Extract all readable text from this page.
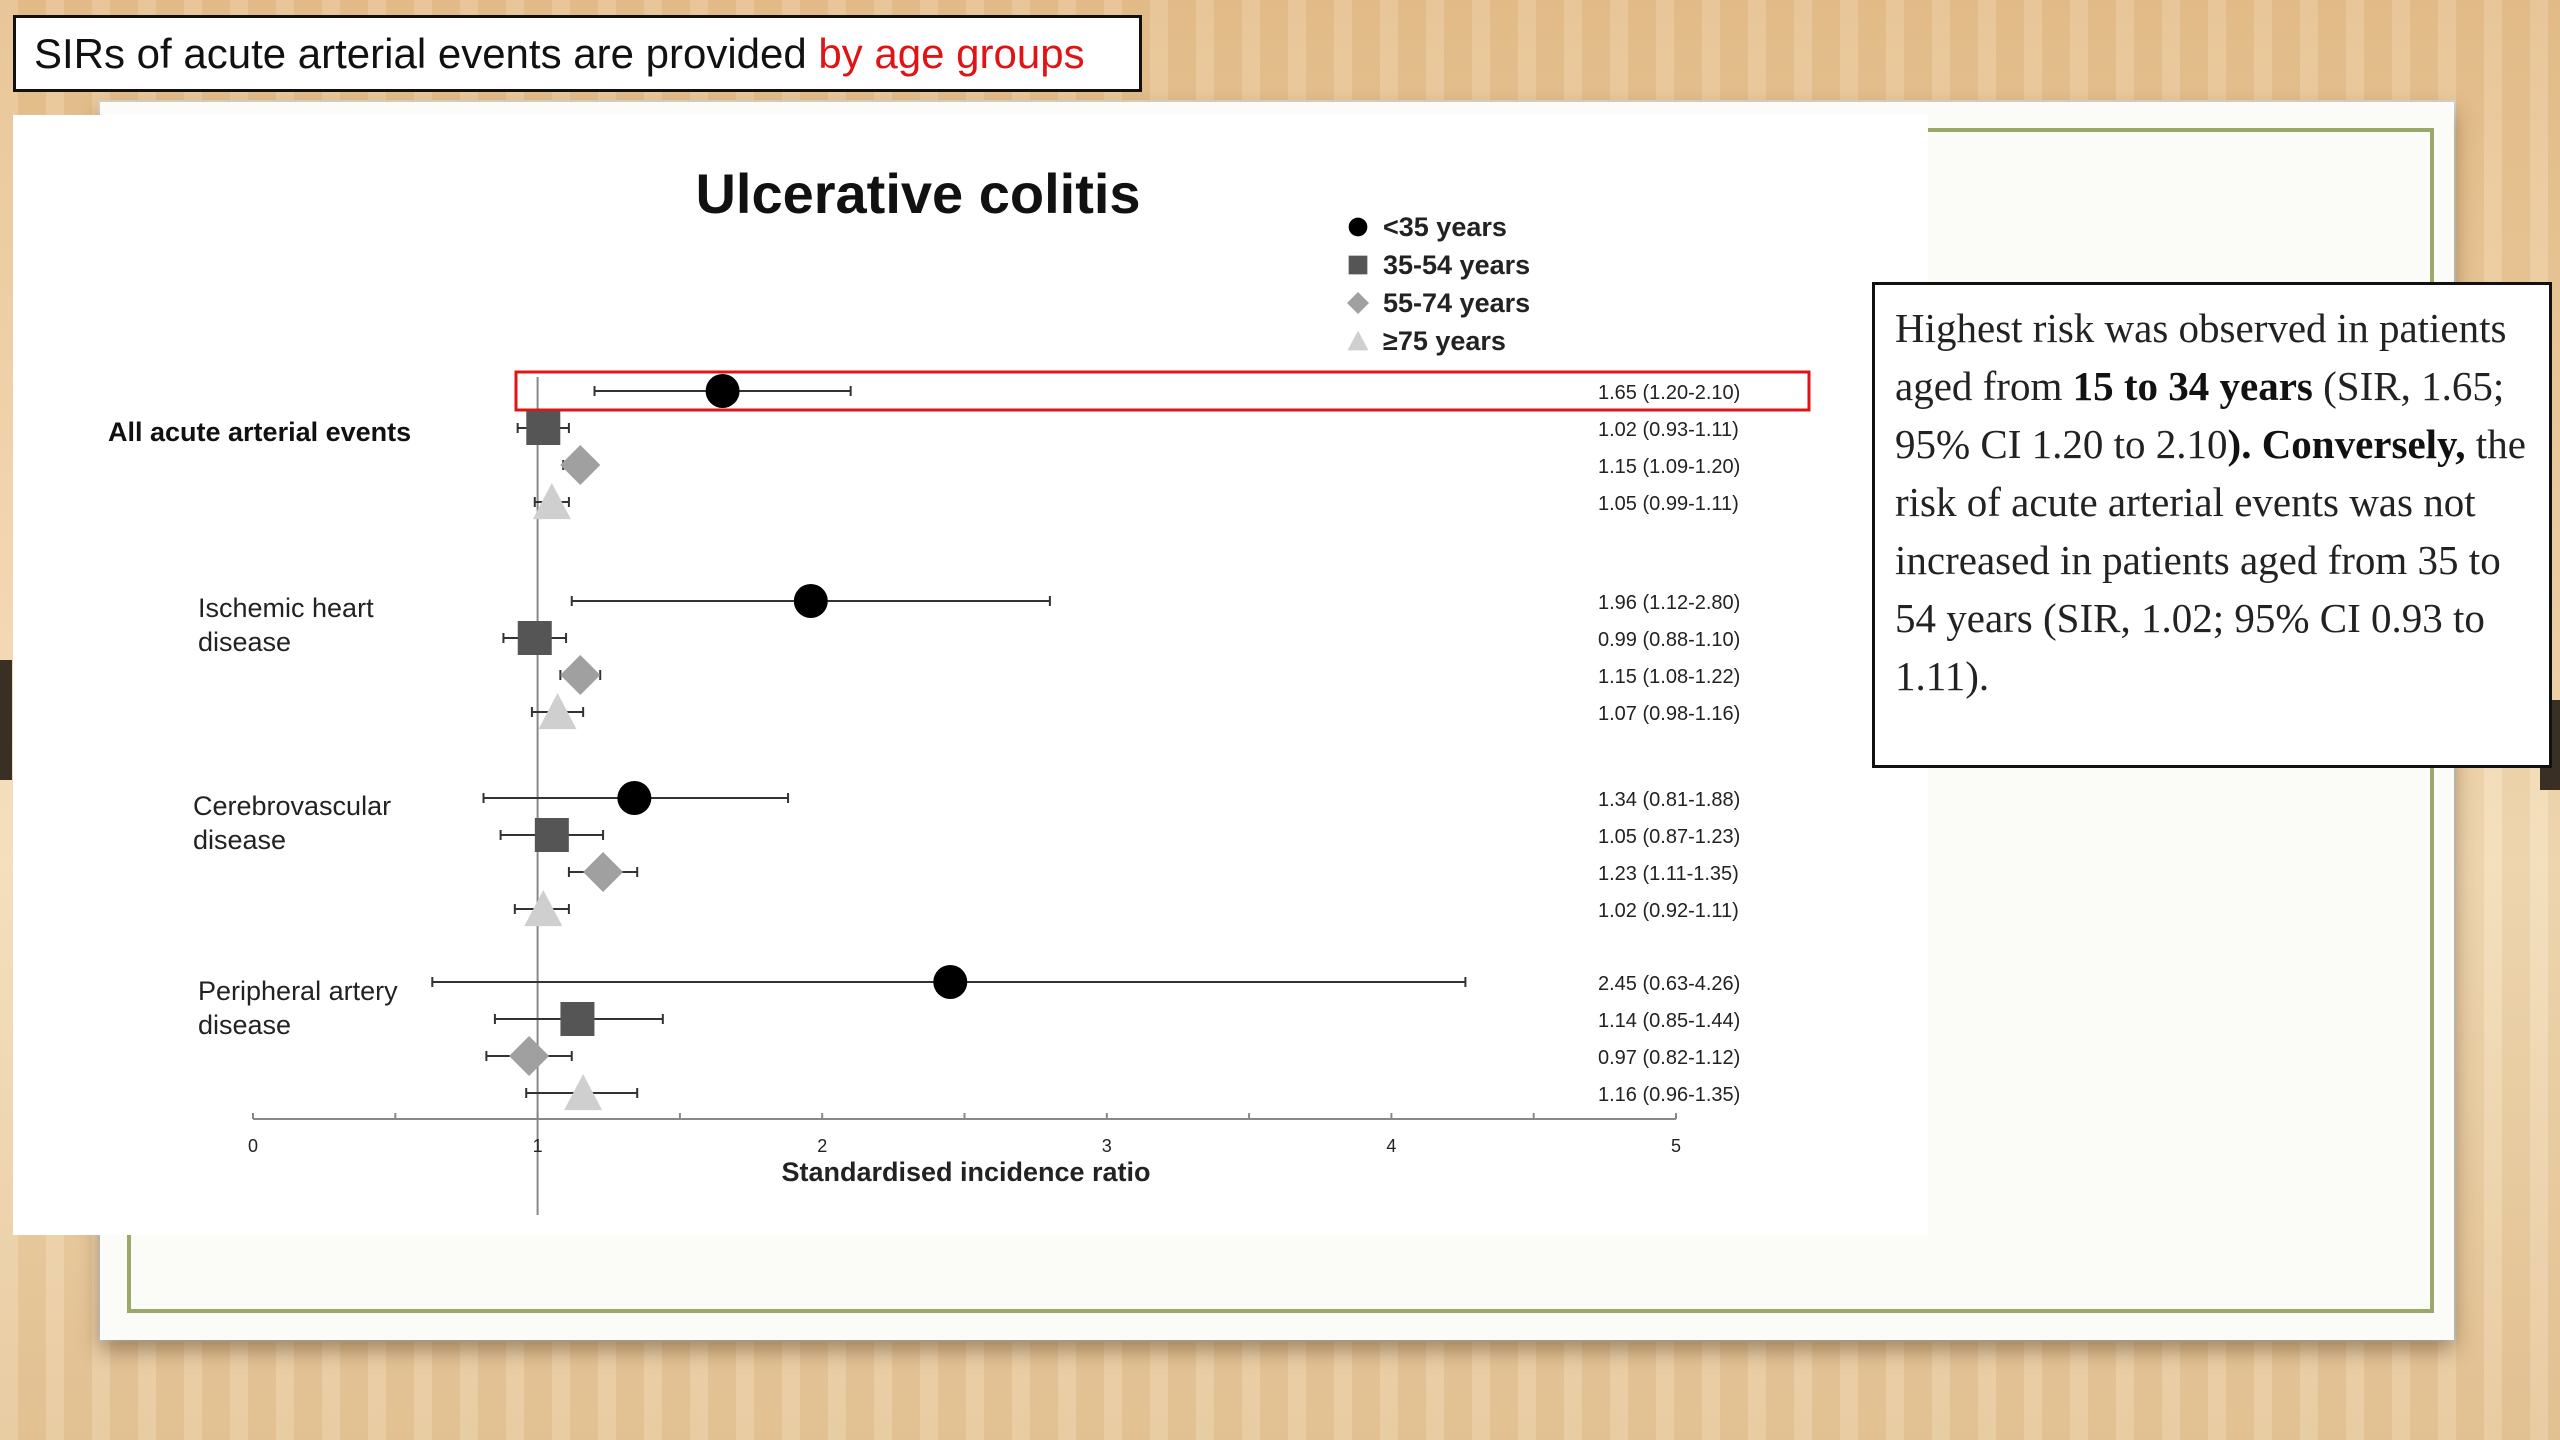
Ulcerative colitis
<35 years
35-54 years
55-74 years
≥75 years
All acute arterial events
1.65 (1.20-2.10)
1.02 (0.93-1.11)
1.15 (1.09-1.20)
1.05 (0.99-1.11)
Ischemic heart
disease
1.96 (1.12-2.80)
0.99 (0.88-1.10)
1.15 (1.08-1.22)
1.07 (0.98-1.16)
Cerebrovascular
disease
1.34 (0.81-1.88)
1.05 (0.87-1.23)
1.23 (1.11-1.35)
1.02 (0.92-1.11)
Peripheral artery
disease
2.45 (0.63-4.26)
1.14 (0.85-1.44)
0.97 (0.82-1.12)
1.16 (0.96-1.35)
0	1	2	3	4	5
Standardised incidence ratio
SIRs of acute arterial events are provided by age groups
Highest risk was observed in patients aged from 15 to 34 years (SIR, 1.65; 95% CI 1.20 to 2.10). Conversely, the risk of acute arterial events was not increased in patients aged from 35 to 54 years (SIR, 1.02; 95% CI 0.93 to 1.11).
